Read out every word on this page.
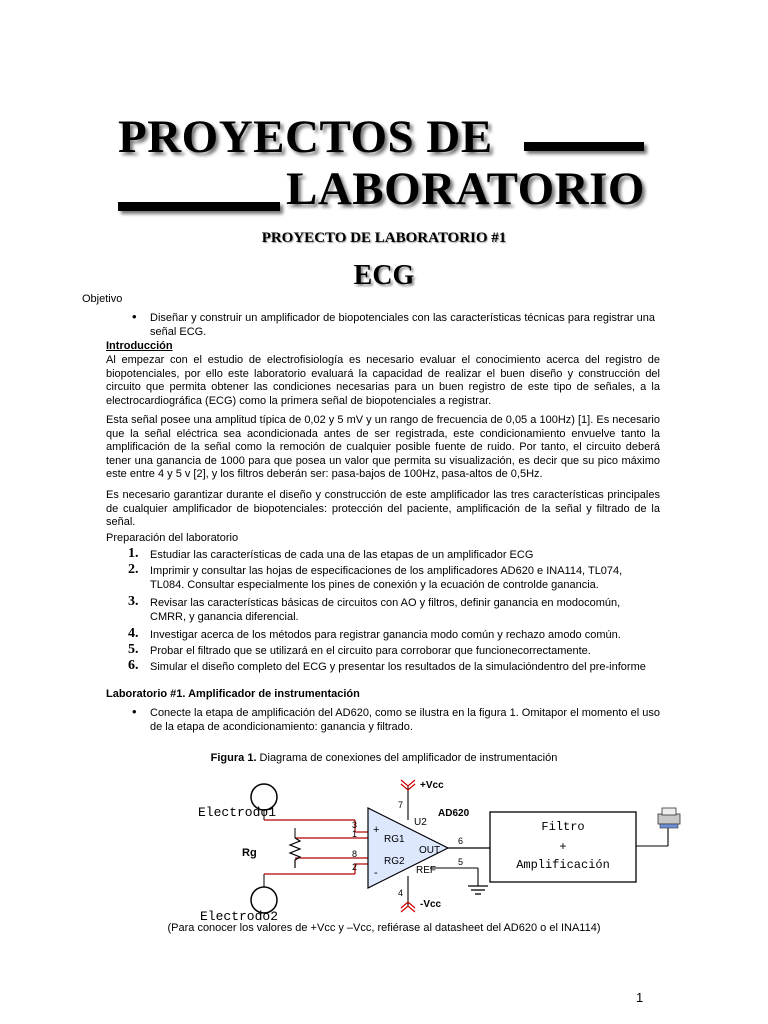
PROYECTOS DE
LABORATORIO
PROYECTO DE LABORATORIO #1
ECG
Objetivo
• Diseñar y construir un amplificador de biopotenciales con las características técnicas para registrar una señal ECG.
Introducción
Al empezar con el estudio de electrofisiología es necesario evaluar el conocimiento acerca del registro de biopotenciales, por ello este laboratorio evaluará la capacidad de realizar el buen diseño y construcción del circuito que permita obtener las condiciones necesarias para un buen registro de este tipo de señales, a la electrocardiográfica (ECG) como la primera señal de biopotenciales a registrar.
Esta señal posee una amplitud típica de 0,02 y 5 mV y un rango de frecuencia de 0,05 a 100Hz) [1]. Es necesario que la señal eléctrica sea acondicionada antes de ser registrada, este condicionamiento envuelve tanto la amplificación de la señal como la remoción de cualquier posible fuente de ruido. Por tanto, el circuito deberá tener una ganancia de 1000 para que posea un valor que permita su visualización, es decir que su pico máximo este entre 4 y 5 v [2], y los filtros deberán ser: pasa-bajos de 100Hz, pasa-altos de 0,5Hz.
Es necesario garantizar durante el diseño y construcción de este amplificador las tres características principales de cualquier amplificador de biopotenciales: protección del paciente, amplificación de la señal y filtrado de la señal.
Preparación del laboratorio
1. Estudiar las características de cada una de las etapas de un amplificador ECG
2. Imprimir y consultar las hojas de especificaciones de los amplificadores AD620 e INA114, TL074, TL084. Consultar especialmente los pines de conexión y la ecuación de controlde ganancia.
3. Revisar las características básicas de circuitos con AO y filtros, definir ganancia en modocomún, CMRR, y ganancia diferencial.
4. Investigar acerca de los métodos para registrar ganancia modo común y rechazo amodo común.
5. Probar el filtrado que se utilizará en el circuito para corroborar que funcionecorrectamente.
6. Simular el diseño completo del ECG y presentar los resultados de la simulacióndentro del pre-informe
Laboratorio #1. Amplificador de instrumentación
• Conecte la etapa de amplificación del AD620, como se ilustra en la figura 1. Omitapor el momento el uso de la etapa de acondicionamiento: ganancia y filtrado.
Figura 1. Diagrama de conexiones del amplificador de instrumentación
Electrodo1
Electrodo2
Rg
3
1
8
2
+
-
RG1
RG2
U2
OUT
REF
AD620
+Vcc
7
-Vcc
4
6
5
Filtro
+
Amplificación
(Para conocer los valores de +Vcc y –Vcc, refiérase al datasheet del AD620 o el INA114)
1
